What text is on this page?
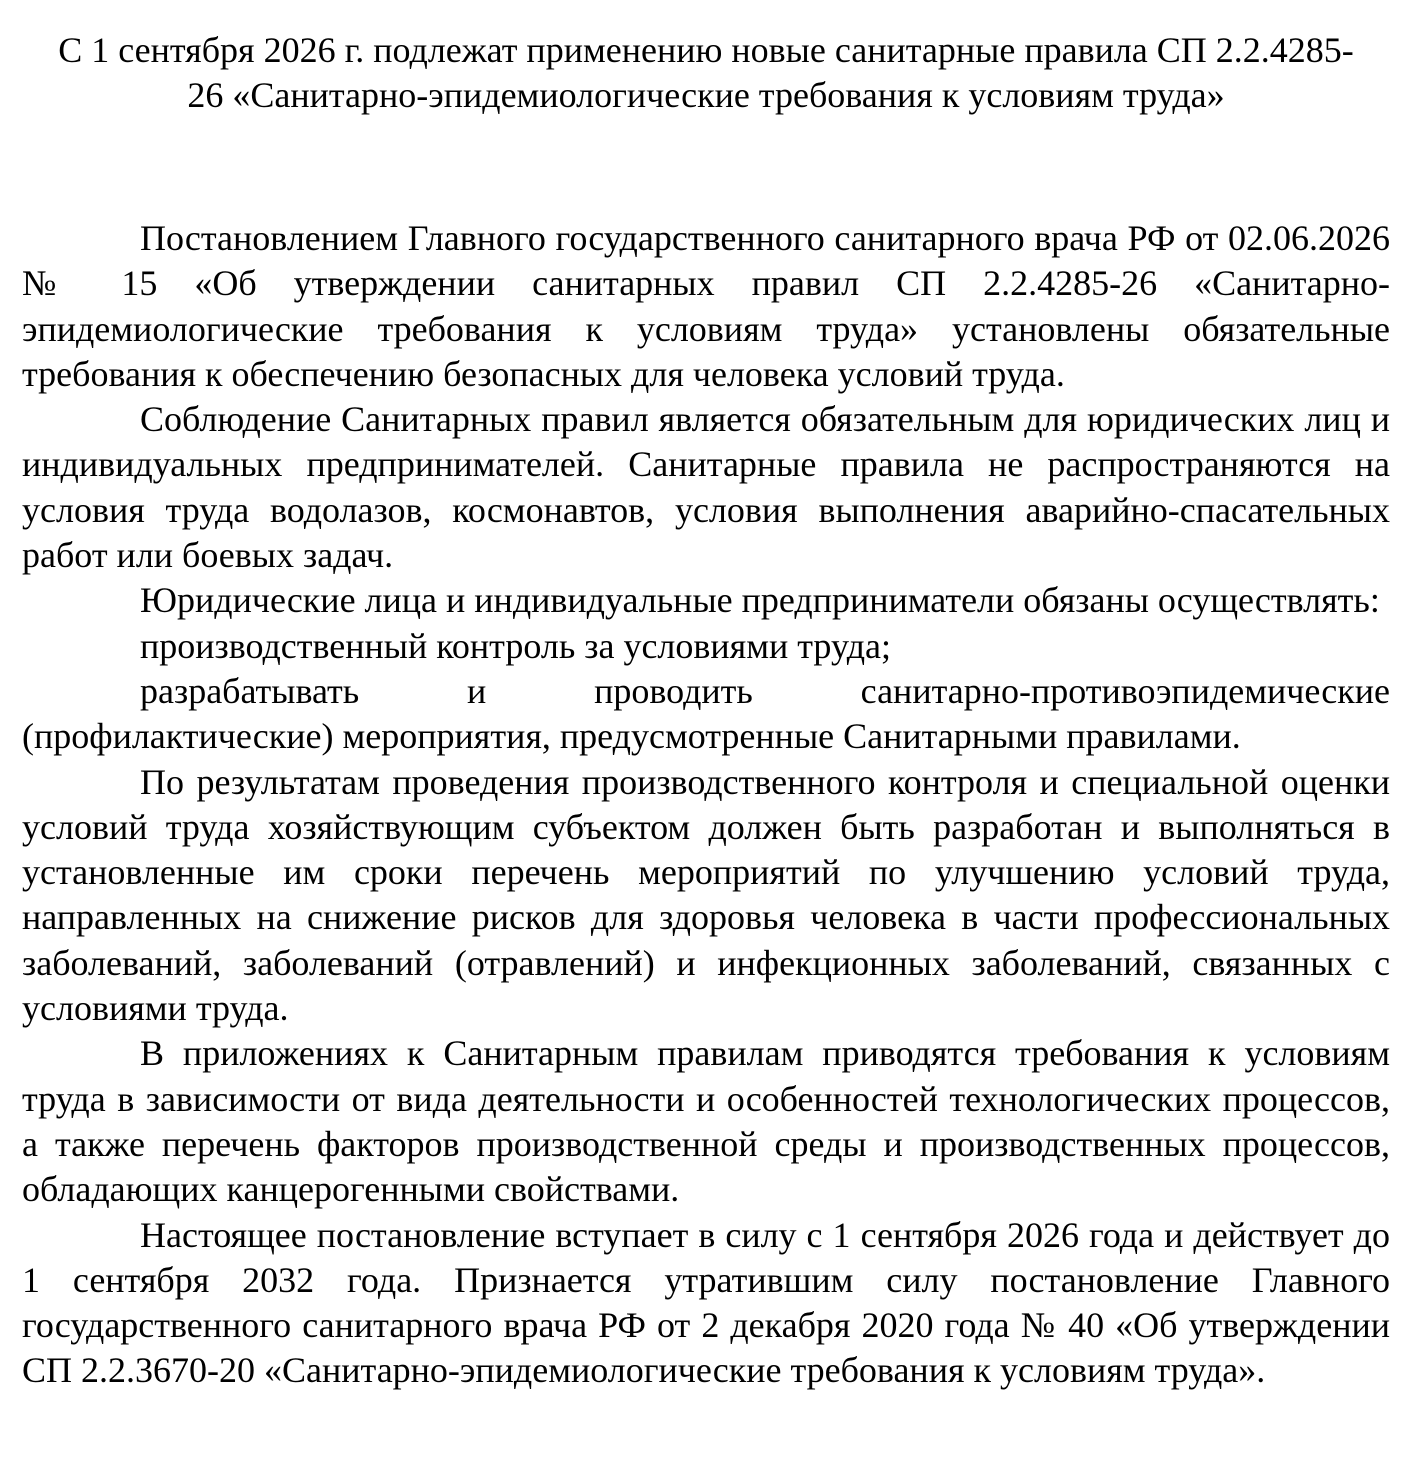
С 1 сентября 2026 г. подлежат применению новые санитарные правила СП 2.2.4285-26 «Санитарно-эпидемиологические требования к условиям труда»

Постановлением Главного государственного санитарного врача РФ от 02.06.2026 № 15 «Об утверждении санитарных правил СП 2.2.4285-26 «Санитарно-эпидемиологические требования к условиям труда» установлены обязательные требования к обеспечению безопасных для человека условий труда.

Соблюдение Санитарных правил является обязательным для юридических лиц и индивидуальных предпринимателей. Санитарные правила не распространяются на условия труда водолазов, космонавтов, условия выполнения аварийно-спасательных работ или боевых задач.

Юридические лица и индивидуальные предприниматели обязаны осуществлять:

производственный контроль за условиями труда;

разрабатывать и проводить санитарно-противоэпидемические (профилактические) мероприятия, предусмотренные Санитарными правилами.

По результатам проведения производственного контроля и специальной оценки условий труда хозяйствующим субъектом должен быть разработан и выполняться в установленные им сроки перечень мероприятий по улучшению условий труда, направленных на снижение рисков для здоровья человека в части профессиональных заболеваний, заболеваний (отравлений) и инфекционных заболеваний, связанных с условиями труда.

В приложениях к Санитарным правилам приводятся требования к условиям труда в зависимости от вида деятельности и особенностей технологических процессов, а также перечень факторов производственной среды и производственных процессов, обладающих канцерогенными свойствами.

Настоящее постановление вступает в силу с 1 сентября 2026 года и действует до 1 сентября 2032 года. Признается утратившим силу постановление Главного государственного санитарного врача РФ от 2 декабря 2020 года № 40 «Об утверждении СП 2.2.3670-20 «Санитарно-эпидемиологические требования к условиям труда».
